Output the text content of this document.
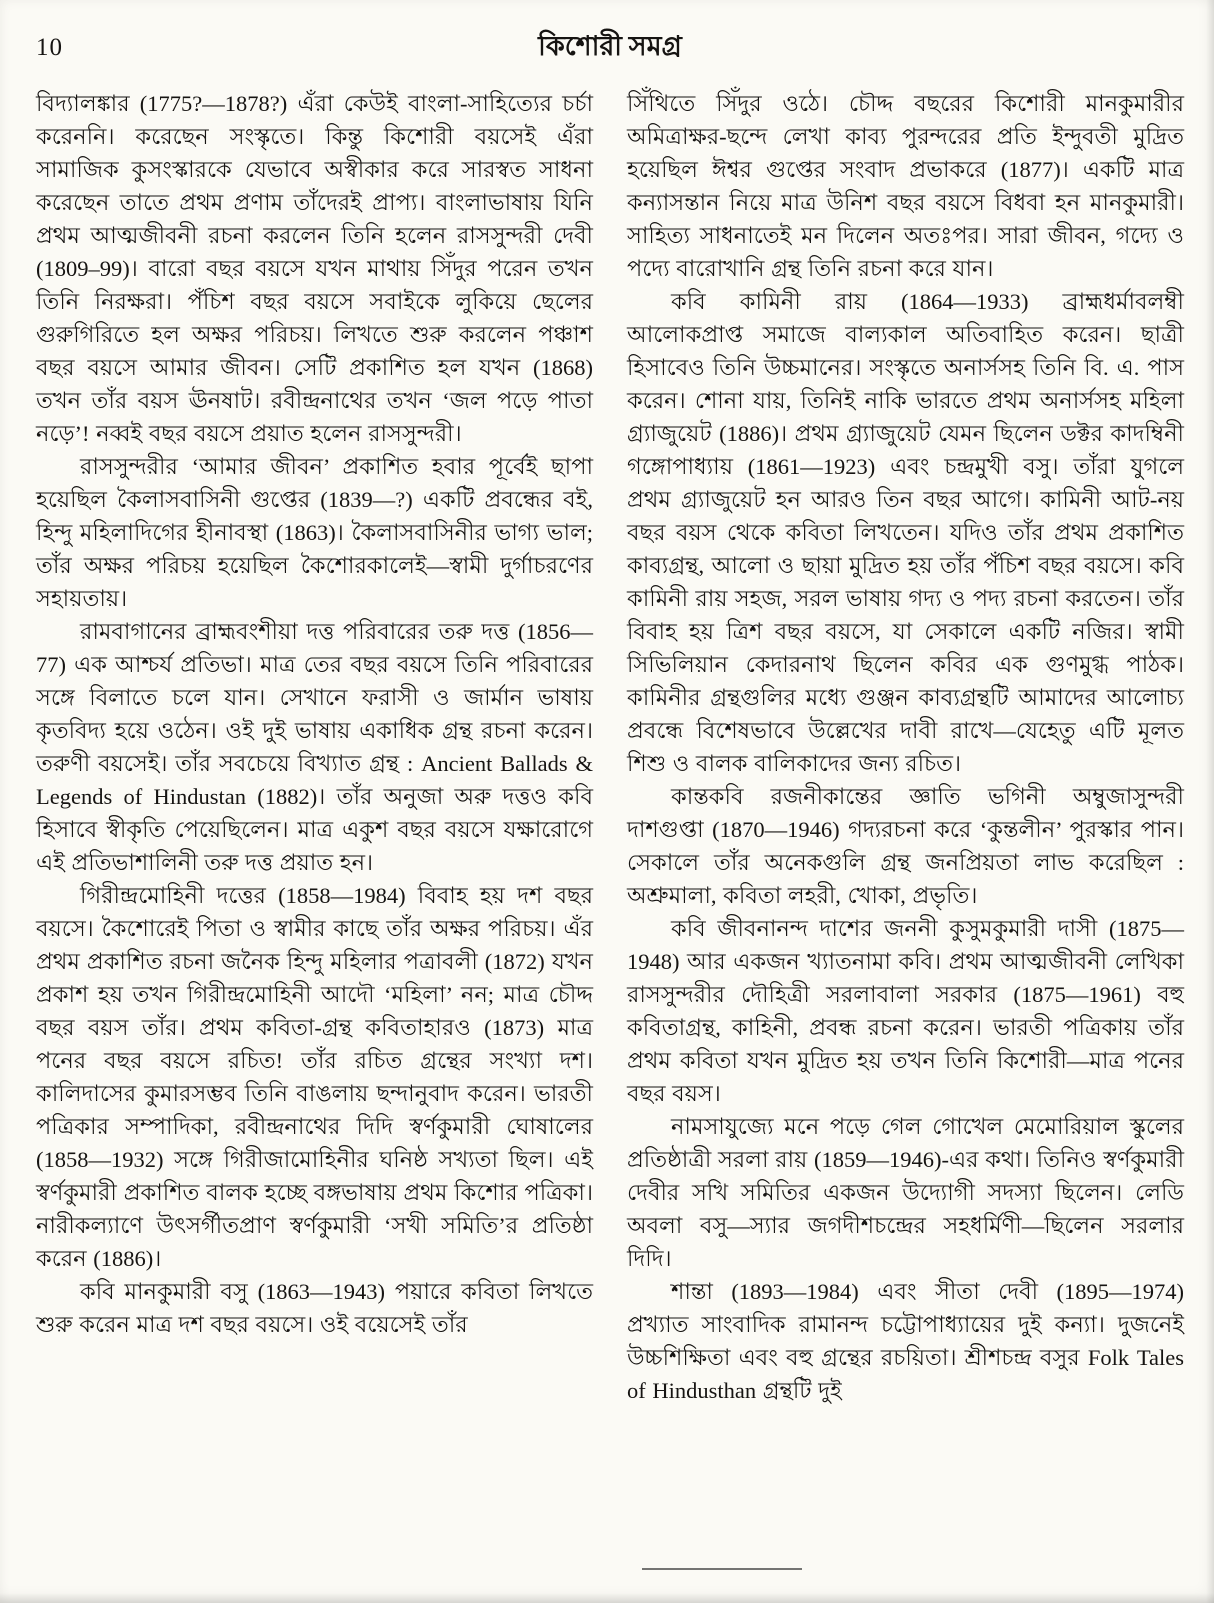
10	কিশোরী সমগ্র

বিদ্যালঙ্কার (1775?—1878?) এঁরা কেউই বাংলা-সাহিত্যের চর্চা করেননি। করেছেন সংস্কৃতে। কিন্তু কিশোরী বয়সেই এঁরা সামাজিক কুসংস্কারকে যেভাবে অস্বীকার করে সারস্বত সাধনা করেছেন তাতে প্রথম প্রণাম তাঁদেরই প্রাপ্য। বাংলাভাষায় যিনি প্রথম আত্মজীবনী রচনা করলেন তিনি হলেন রাসসুন্দরী দেবী (1809–99)। বারো বছর বয়সে যখন মাথায় সিঁদুর পরেন তখন তিনি নিরক্ষরা। পঁচিশ বছর বয়সে সবাইকে লুকিয়ে ছেলের গুরুগিরিতে হল অক্ষর পরিচয়। লিখতে শুরু করলেন পঞ্চাশ বছর বয়সে আমার জীবন। সেটি প্রকাশিত হল যখন (1868) তখন তাঁর বয়স ঊনষাট। রবীন্দ্রনাথের তখন ‘জল পড়ে পাতা নড়ে’! নব্বই বছর বয়সে প্রয়াত হলেন রাসসুন্দরী।

রাসসুন্দরীর ‘আমার জীবন’ প্রকাশিত হবার পূর্বেই ছাপা হয়েছিল কৈলাসবাসিনী গুপ্তের (1839—?) একটি প্রবন্ধের বই, হিন্দু মহিলাদিগের হীনাবস্থা (1863)। কৈলাসবাসিনীর ভাগ্য ভাল; তাঁর অক্ষর পরিচয় হয়েছিল কৈশোরকালেই—স্বামী দুর্গাচরণের সহায়তায়।

রামবাগানের ব্রাহ্মবংশীয়া দত্ত পরিবারের তরু দত্ত (1856—77) এক আশ্চর্য প্রতিভা। মাত্র তের বছর বয়সে তিনি পরিবারের সঙ্গে বিলাতে চলে যান। সেখানে ফরাসী ও জার্মান ভাষায় কৃতবিদ্য হয়ে ওঠেন। ওই দুই ভাষায় একাধিক গ্রন্থ রচনা করেন। তরুণী বয়সেই। তাঁর সবচেয়ে বিখ্যাত গ্রন্থ : Ancient Ballads & Legends of Hindustan (1882)। তাঁর অনুজা অরু দত্তও কবি হিসাবে স্বীকৃতি পেয়েছিলেন। মাত্র একুশ বছর বয়সে যক্ষারোগে এই প্রতিভাশালিনী তরু দত্ত প্রয়াত হন।

গিরীন্দ্রমোহিনী দত্তের (1858—1984) বিবাহ হয় দশ বছর বয়সে। কৈশোরেই পিতা ও স্বামীর কাছে তাঁর অক্ষর পরিচয়। এঁর প্রথম প্রকাশিত রচনা জনৈক হিন্দু মহিলার পত্রাবলী (1872) যখন প্রকাশ হয় তখন গিরীন্দ্রমোহিনী আদৌ ‘মহিলা’ নন; মাত্র চৌদ্দ বছর বয়স তাঁর। প্রথম কবিতা-গ্রন্থ কবিতাহারও (1873) মাত্র পনের বছর বয়সে রচিত! তাঁর রচিত গ্রন্থের সংখ্যা দশ। কালিদাসের কুমারসম্ভব তিনি বাঙলায় ছন্দানুবাদ করেন। ভারতী পত্রিকার সম্পাদিকা, রবীন্দ্রনাথের দিদি স্বর্ণকুমারী ঘোষালের (1858—1932) সঙ্গে গিরীজামোহিনীর ঘনিষ্ঠ সখ্যতা ছিল। এই স্বর্ণকুমারী প্রকাশিত বালক হচ্ছে বঙ্গভাষায় প্রথম কিশোর পত্রিকা। নারীকল্যাণে উৎসর্গীতপ্রাণ স্বর্ণকুমারী ‘সখী সমিতি’র প্রতিষ্ঠা করেন (1886)।

কবি মানকুমারী বসু (1863—1943) পয়ারে কবিতা লিখতে শুরু করেন মাত্র দশ বছর বয়সে। ওই বয়েসেই তাঁর

সিঁথিতে সিঁদুর ওঠে। চৌদ্দ বছরের কিশোরী মানকুমারীর অমিত্রাক্ষর-ছন্দে লেখা কাব্য পুরন্দরের প্রতি ইন্দুবতী মুদ্রিত হয়েছিল ঈশ্বর গুপ্তের সংবাদ প্রভাকরে (1877)। একটি মাত্র কন্যাসন্তান নিয়ে মাত্র উনিশ বছর বয়সে বিধবা হন মানকুমারী। সাহিত্য সাধনাতেই মন দিলেন অতঃপর। সারা জীবন, গদ্যে ও পদ্যে বারোখানি গ্রন্থ তিনি রচনা করে যান।

কবি কামিনী রায় (1864—1933) ব্রাহ্মধর্মাবলম্বী আলোকপ্রাপ্ত সমাজে বাল্যকাল অতিবাহিত করেন। ছাত্রী হিসাবেও তিনি উচ্চমানের। সংস্কৃতে অনার্সসহ তিনি বি. এ. পাস করেন। শোনা যায়, তিনিই নাকি ভারতে প্রথম অনার্সসহ মহিলা গ্র্যাজুয়েট (1886)। প্রথম গ্র্যাজুয়েট যেমন ছিলেন ডক্টর কাদম্বিনী গঙ্গোপাধ্যায় (1861—1923) এবং চন্দ্রমুখী বসু। তাঁরা যুগলে প্রথম গ্র্যাজুয়েট হন আরও তিন বছর আগে। কামিনী আট-নয় বছর বয়স থেকে কবিতা লিখতেন। যদিও তাঁর প্রথম প্রকাশিত কাব্যগ্রন্থ, আলো ও ছায়া মুদ্রিত হয় তাঁর পঁচিশ বছর বয়সে। কবি কামিনী রায় সহজ, সরল ভাষায় গদ্য ও পদ্য রচনা করতেন। তাঁর বিবাহ হয় ত্রিশ বছর বয়সে, যা সেকালে একটি নজির। স্বামী সিভিলিয়ান কেদারনাথ ছিলেন কবির এক গুণমুগ্ধ পাঠক। কামিনীর গ্রন্থগুলির মধ্যে গুঞ্জন কাব্যগ্রন্থটি আমাদের আলোচ্য প্রবন্ধে বিশেষভাবে উল্লেখের দাবী রাখে—যেহেতু এটি মূলত শিশু ও বালক বালিকাদের জন্য রচিত।

কান্তকবি রজনীকান্তের জ্ঞাতি ভগিনী অম্বুজাসুন্দরী দাশগুপ্তা (1870—1946) গদ্যরচনা করে ‘কুন্তলীন’ পুরস্কার পান। সেকালে তাঁর অনেকগুলি গ্রন্থ জনপ্রিয়তা লাভ করেছিল : অশ্রুমালা, কবিতা লহরী, খোকা, প্রভৃতি।

কবি জীবনানন্দ দাশের জননী কুসুমকুমারী দাসী (1875—1948) আর একজন খ্যাতনামা কবি। প্রথম আত্মজীবনী লেখিকা রাসসুন্দরীর দৌহিত্রী সরলাবালা সরকার (1875—1961) বহু কবিতাগ্রন্থ, কাহিনী, প্রবন্ধ রচনা করেন। ভারতী পত্রিকায় তাঁর প্রথম কবিতা যখন মুদ্রিত হয় তখন তিনি কিশোরী—মাত্র পনের বছর বয়স।

নামসাযুজ্যে মনে পড়ে গেল গোখেল মেমোরিয়াল স্কুলের প্রতিষ্ঠাত্রী সরলা রায় (1859—1946)-এর কথা। তিনিও স্বর্ণকুমারী দেবীর সখি সমিতির একজন উদ্যোগী সদস্যা ছিলেন। লেডি অবলা বসু—স্যার জগদীশচন্দ্রের সহধর্মিণী—ছিলেন সরলার দিদি।

শান্তা (1893—1984) এবং সীতা দেবী (1895—1974) প্রখ্যাত সাংবাদিক রামানন্দ চট্টোপাধ্যায়ের দুই কন্যা। দুজনেই উচ্চশিক্ষিতা এবং বহু গ্রন্থের রচয়িতা। শ্রীশচন্দ্র বসুর Folk Tales of Hindusthan গ্রন্থটি দুই
